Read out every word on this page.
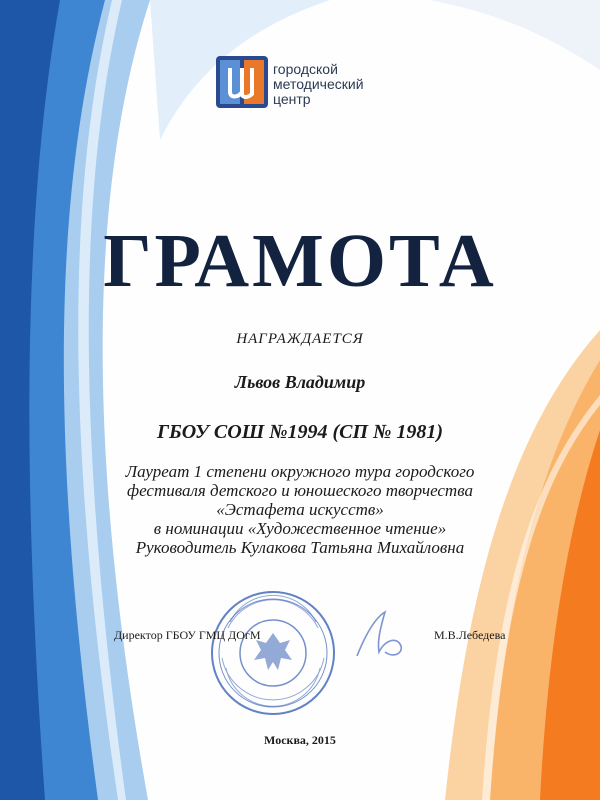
городской
методический
центр
ГРАМОТА
НАГРАЖДАЕТСЯ
Львов Владимир
ГБОУ СОШ №1994 (СП № 1981)
Лауреат 1 степени окружного тура городского
фестиваля детского и юношеского творчества
«Эстафета искусств»
в номинации «Художественное чтение»
Руководитель Кулакова Татьяна Михайловна
Директор ГБОУ ГМЦ ДОгМ	М.В.Лебедева
Москва, 2015
